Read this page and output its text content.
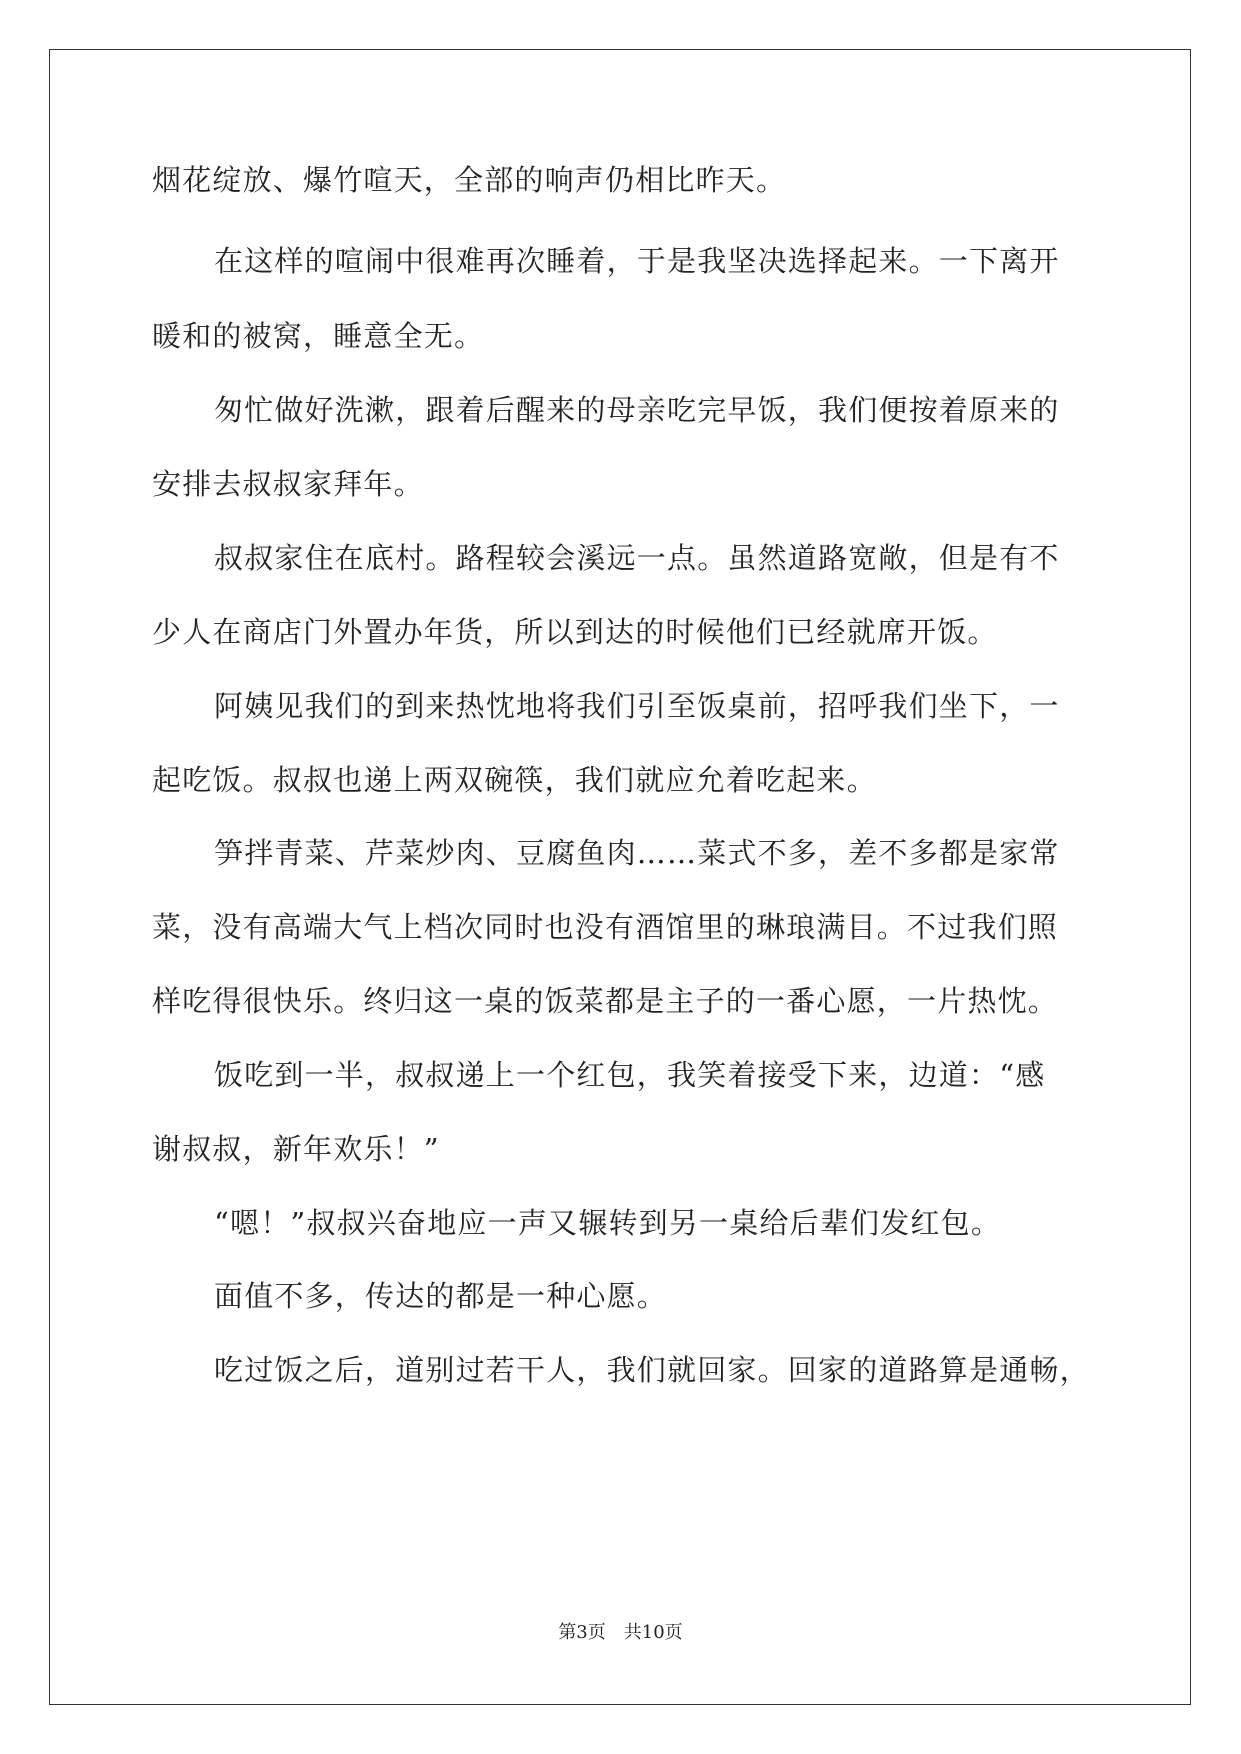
烟花绽放、爆竹喧天，全部的响声仍相比昨天。
在这样的喧闹中很难再次睡着，于是我坚决选择起来。一下离开
暖和的被窝，睡意全无。
匆忙做好洗漱，跟着后醒来的母亲吃完早饭，我们便按着原来的
安排去叔叔家拜年。
叔叔家住在底村。路程较会溪远一点。虽然道路宽敞，但是有不
少人在商店门外置办年货，所以到达的时候他们已经就席开饭。
阿姨见我们的到来热忱地将我们引至饭桌前，招呼我们坐下，一
起吃饭。叔叔也递上两双碗筷，我们就应允着吃起来。
笋拌青菜、芹菜炒肉、豆腐鱼肉……菜式不多，差不多都是家常
菜，没有高端大气上档次同时也没有酒馆里的琳琅满目。不过我们照
样吃得很快乐。终归这一桌的饭菜都是主子的一番心愿，一片热忱。
饭吃到一半，叔叔递上一个红包，我笑着接受下来，边道：“感
谢叔叔，新年欢乐！”
“嗯！”叔叔兴奋地应一声又辗转到另一桌给后辈们发红包。
面值不多，传达的都是一种心愿。
吃过饭之后，道别过若干人，我们就回家。回家的道路算是通畅，
第3页　共10页
